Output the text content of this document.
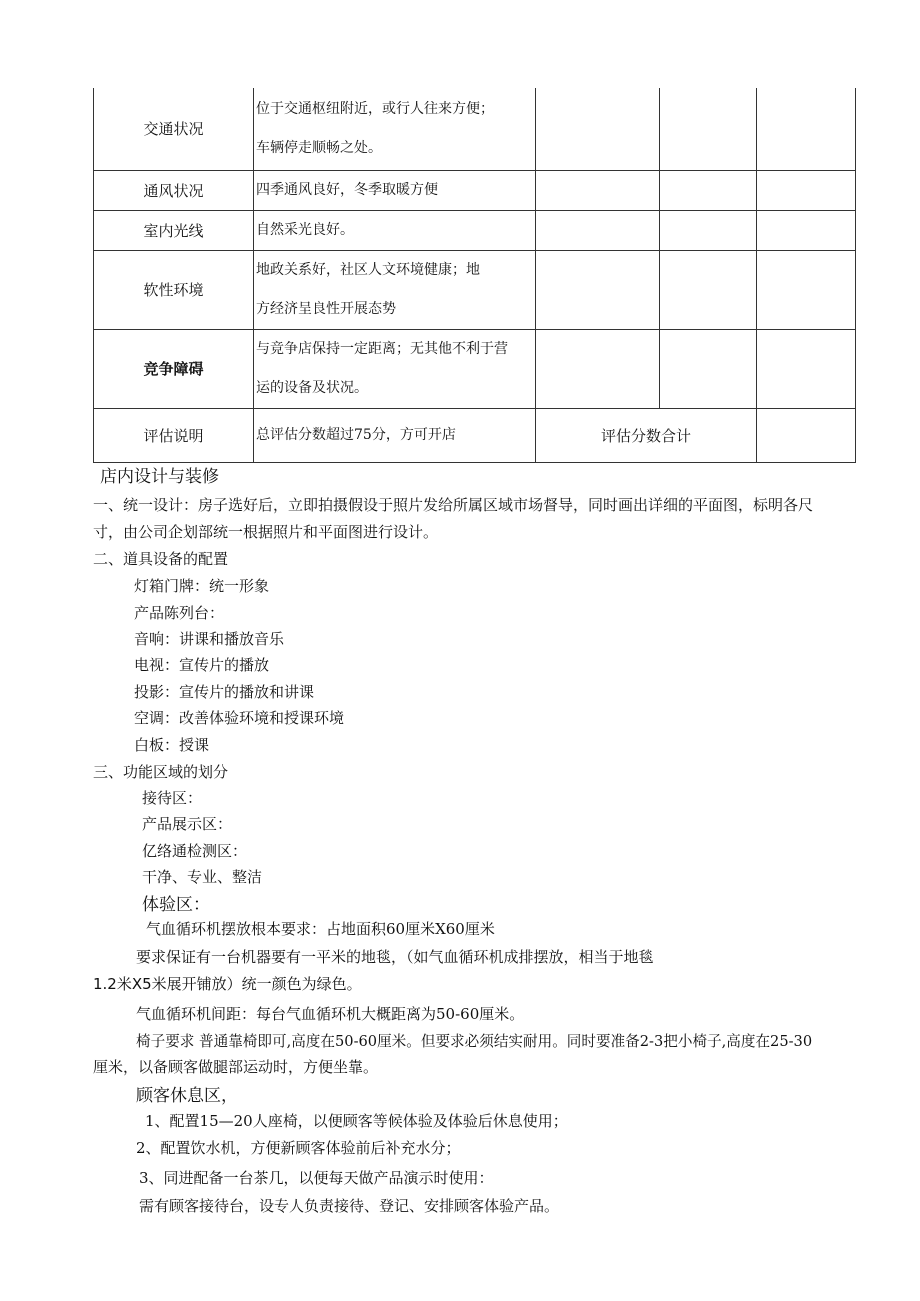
交通状况	位于交通枢纽附近，或行人往来方便；
车辆停走顺畅之处。			

通风状况	四季通风良好，冬季取暖方便			

室内光线	自然采光良好。			

软性环境	地政关系好，社区人文环境健康；地
方经济呈良性开展态势			

竞争障碍	与竞争店保持一定距离；无其他不利于营
运的设备及状况。			

评估说明	总评估分数超过75分，方可开店	评估分数合计		
店内设计与装修
一、统一设计：房子选好后，立即拍摄假设于照片发给所属区域市场督导，同时画出详细的平面图，标明各尺
寸，由公司企划部统一根据照片和平面图进行设计。
二、道具设备的配置
灯箱门牌：统一形象
产品陈列台：
音响：讲课和播放音乐
电视：宣传片的播放
投影：宣传片的播放和讲课
空调：改善体验环境和授课环境
白板：授课
三、功能区域的划分
接待区：
产品展示区：
亿络通检测区：
干净、专业、整洁
体验区：
气血循环机摆放根本要求：占地面积60厘米X60厘米
要求保证有一台机器要有一平米的地毯，（如气血循环机成排摆放，相当于地毯
1.2米X5米展开铺放）统一颜色为绿色。
气血循环机间距：每台气血循环机大概距离为50-60厘米。
椅子要求 普通靠椅即可,高度在50-60厘米。但要求必须结实耐用。同时要准备2-3把小椅子,高度在25-30
厘米，以备顾客做腿部运动时，方便坐靠。
顾客休息区，
1、配置15—20人座椅，以便顾客等候体验及体验后休息使用；
2、配置饮水机，方便新顾客体验前后补充水分；
3、同进配备一台茶几，以便每天做产品演示时使用：
需有顾客接待台，设专人负责接待、登记、安排顾客体验产品。
